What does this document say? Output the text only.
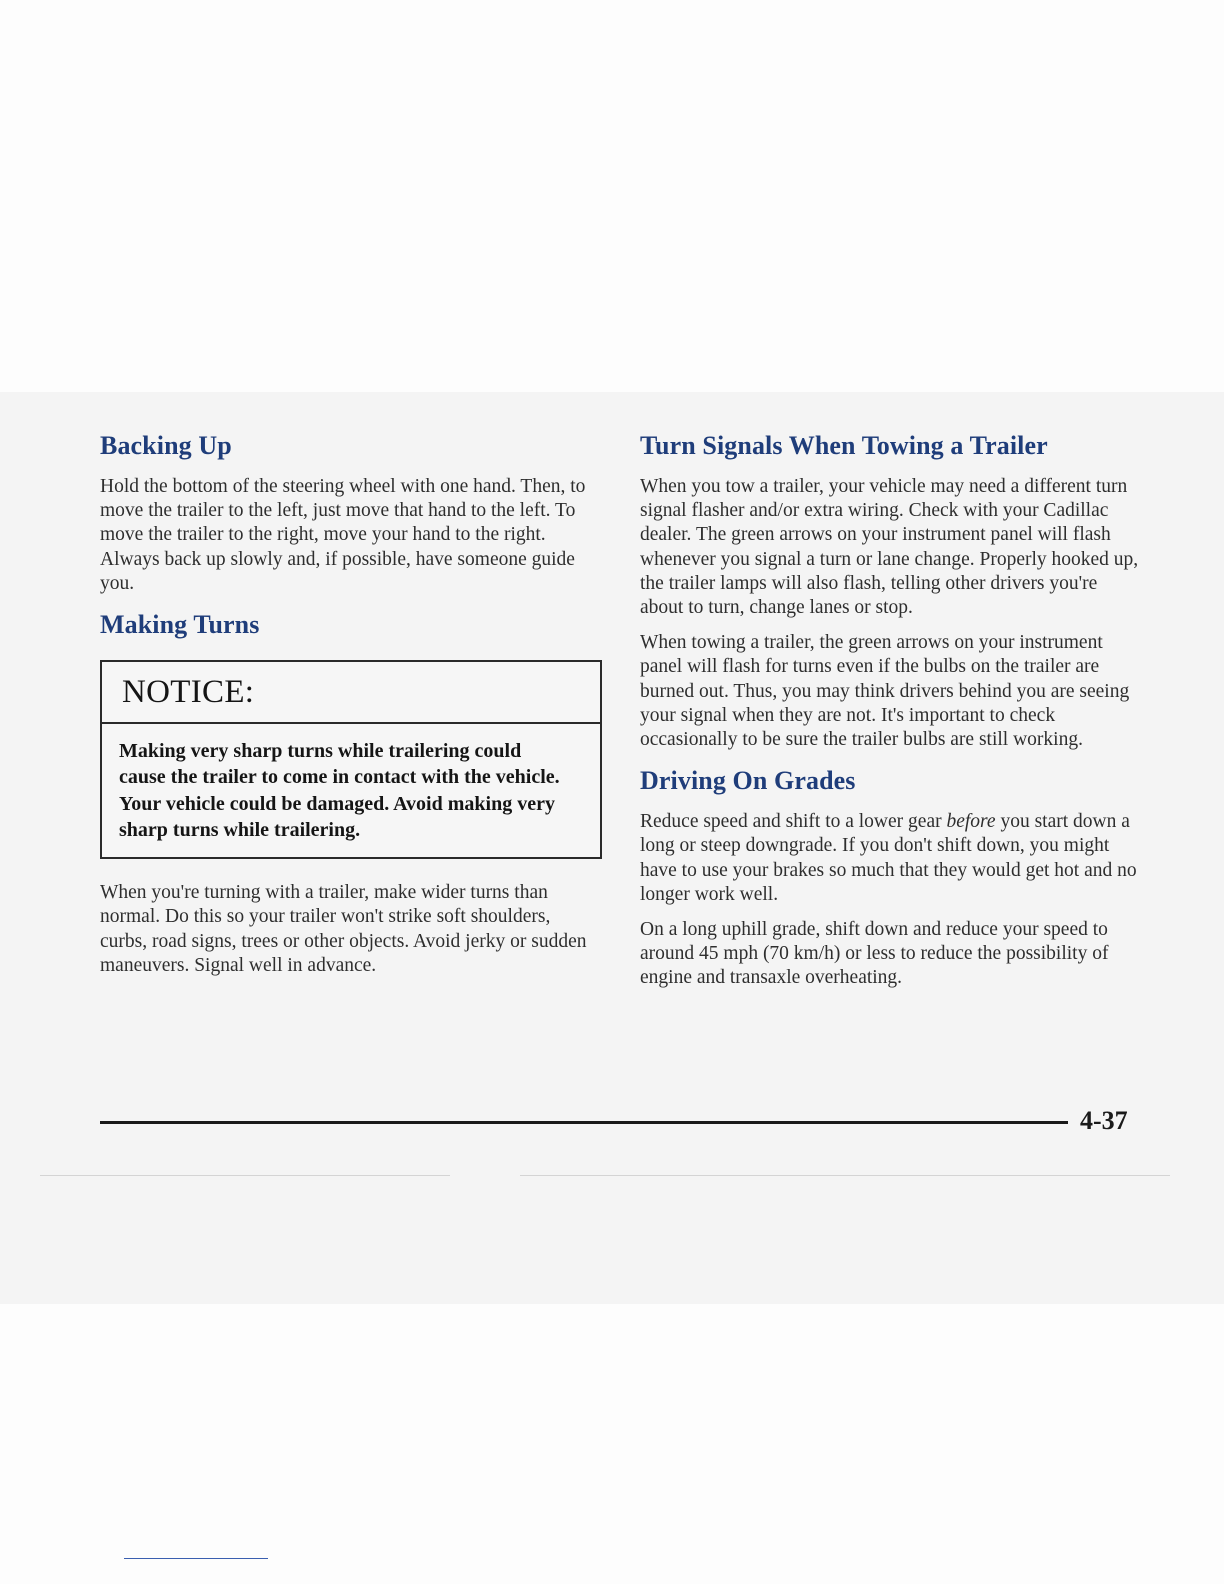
Backing Up

Hold the bottom of the steering wheel with one hand. Then, to move the trailer to the left, just move that hand to the left. To move the trailer to the right, move your hand to the right. Always back up slowly and, if possible, have someone guide you.

Making Turns
NOTICE:

Making very sharp turns while trailering could cause the trailer to come in contact with the vehicle. Your vehicle could be damaged. Avoid making very sharp turns while trailering.

When you're turning with a trailer, make wider turns than normal. Do this so your trailer won't strike soft shoulders, curbs, road signs, trees or other objects. Avoid jerky or sudden maneuvers. Signal well in advance.

Turn Signals When Towing a Trailer

When you tow a trailer, your vehicle may need a different turn signal flasher and/or extra wiring. Check with your Cadillac dealer. The green arrows on your instrument panel will flash whenever you signal a turn or lane change. Properly hooked up, the trailer lamps will also flash, telling other drivers you're about to turn, change lanes or stop.

When towing a trailer, the green arrows on your instrument panel will flash for turns even if the bulbs on the trailer are burned out. Thus, you may think drivers behind you are seeing your signal when they are not. It's important to check occasionally to be sure the trailer bulbs are still working.

Driving On Grades

Reduce speed and shift to a lower gear before you start down a long or steep downgrade. If you don't shift down, you might have to use your brakes so much that they would get hot and no longer work well.

On a long uphill grade, shift down and reduce your speed to around 45 mph (70 km/h) or less to reduce the possibility of engine and transaxle overheating.

4-37
